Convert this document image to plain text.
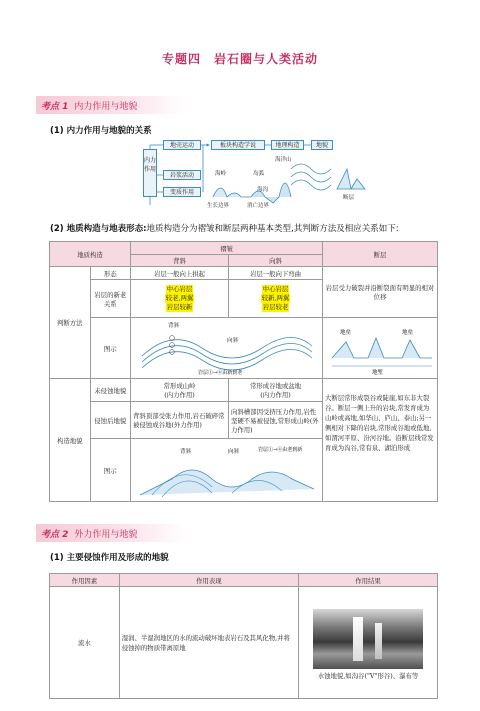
专题四　岩石圈与人类活动
考点 1 内力作用与地貌
(1) 内力作用与地貌的关系
内力作用
地壳运动
岩浆活动
变质作用
板块构造学说	地理构造	地貌
海岭
生长边界
岛弧
海沟
消亡边界
海洋山
断层
(2) 地质构造与地表形态:地质构造分为褶皱和断层两种基本类型,其判断方法及相应关系如下:
地质构造		褶皱		断层
		背斜	向斜	
判断方法	形态	岩层一般向上拱起	岩层一般向下弯曲	岩层受力破裂并沿断裂面有明显的相对位移
	岩层的新老关系	中心岩层
较老,两翼
岩层较新	中心岩层
较新,两翼
岩层较老	
	图示	背斜
向斜
岩层①→④由新到老		地垒 地垒
地堑

构造地貌	未侵蚀地貌	常形成山岭
(内力作用)	常形成谷地或盆地
(内力作用)	大断层常形成裂谷或陡崖,如东非大裂谷。断层一侧上升的岩块,常发育成为山岭或高地,如华山、庐山、泰山;另一侧相对下降的岩块,常形成谷地或低地,如渭河平原、汾河谷地。沿断层线常发育成为沟谷,常有泉、湖泊形成
	侵蚀后地貌	背斜顶部受张力作用,岩石破碎常被侵蚀成谷地(外力作用)	向斜槽部因受挤压力作用,岩性坚硬不易被侵蚀,常形成山岭(外力作用)	
	图示	背斜 向斜 岩层①→④由老到新		
考点 2 外力作用与地貌
(1) 主要侵蚀作用及形成的地貌
作用因素	作用表现	作用结果
流水	湿润、半湿润地区的水的流动破坏地表岩石及其风化物,并将侵蚀掉的物质带离原地	水蚀地貌,如沟谷("V"形谷)、瀑布等
